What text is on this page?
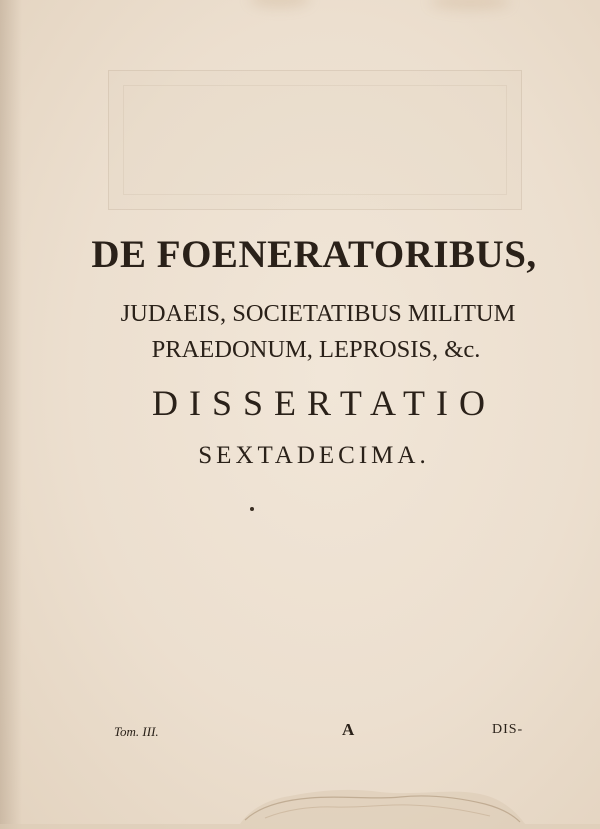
DE FOENERATORIBUS,

JUDAEIS, SOCIETATIBUS MILITUM

PRAEDONUM, LEPROSIS, &c.

DISSERTATIO

SEXTADECIMA.

Tom. III.	A	DIS-
